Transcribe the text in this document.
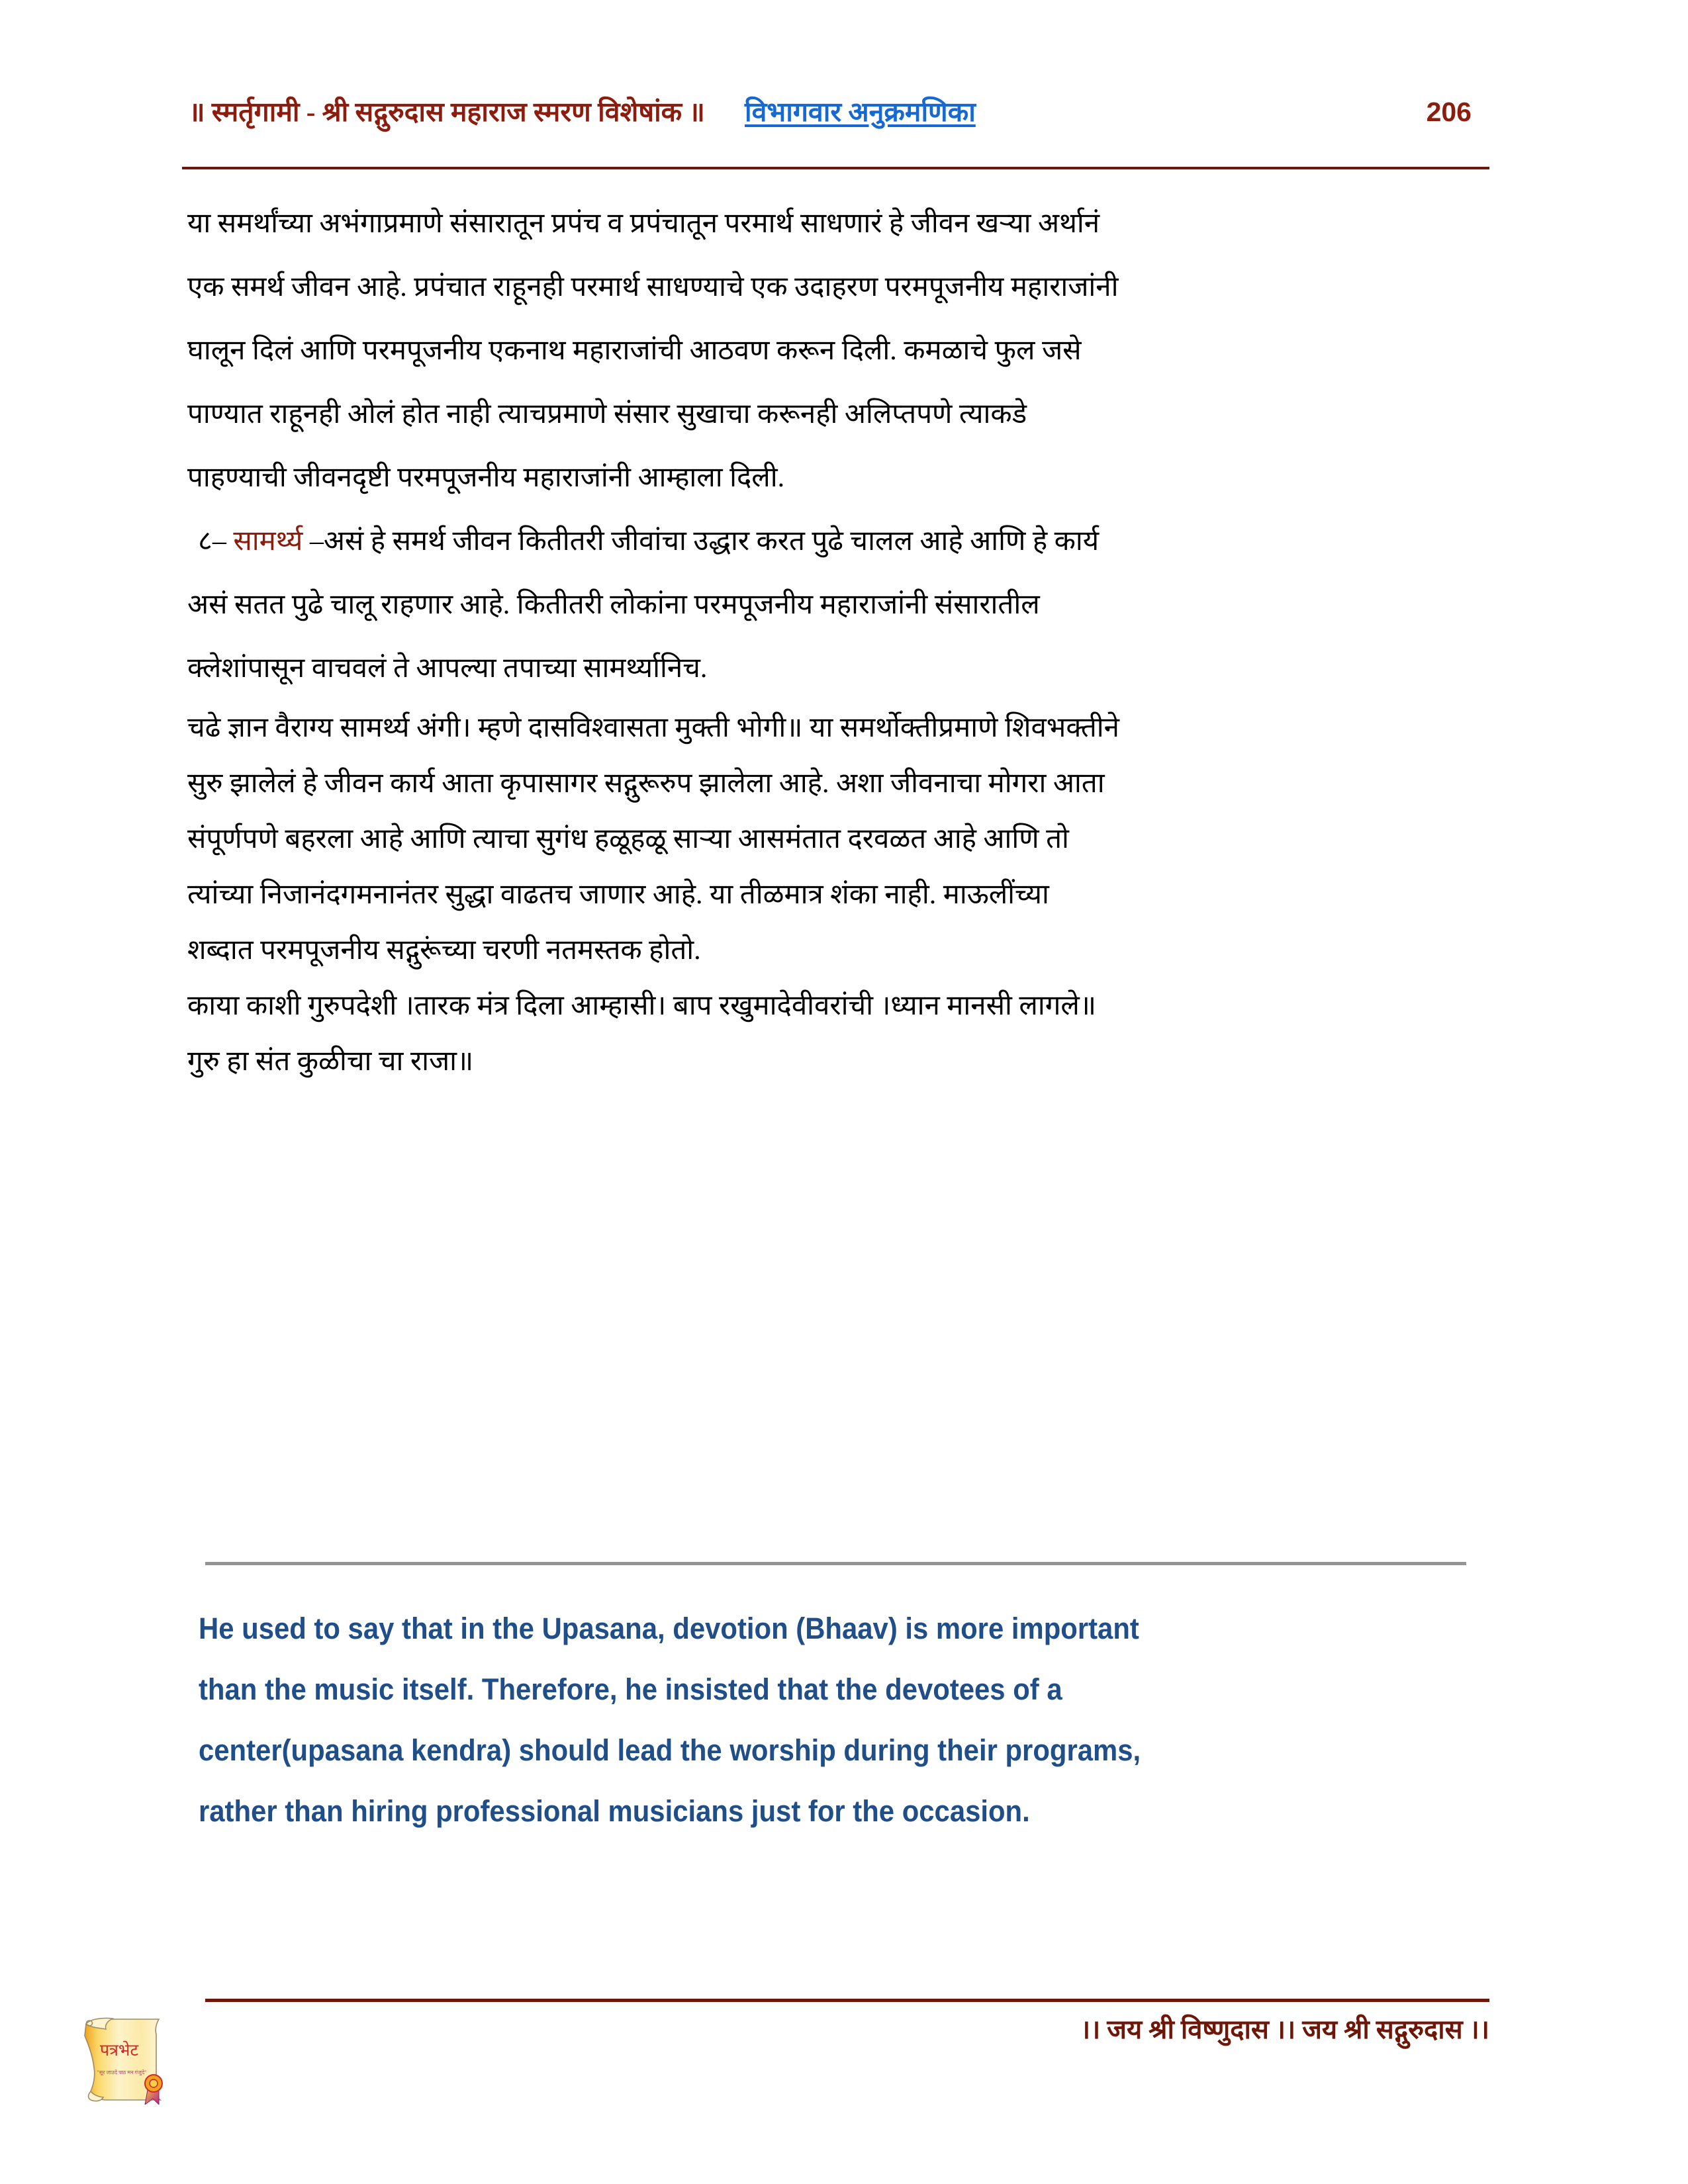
॥ स्मर्तृगामी - श्री सद्गुरुदास महाराज स्मरण विशेषांक ॥ विभागवार अनुक्रमणिका	206
या समर्थांच्या अभंगाप्रमाणे संसारातून प्रपंच व प्रपंचातून परमार्थ साधणारं हे जीवन खऱ्या अर्थानं
एक समर्थ जीवन आहे. प्रपंचात राहूनही परमार्थ साधण्याचे एक उदाहरण परमपूजनीय महाराजांनी
घालून दिलं आणि परमपूजनीय एकनाथ महाराजांची आठवण करून दिली. कमळाचे फुल जसे
पाण्यात राहूनही ओलं होत नाही त्याचप्रमाणे संसार सुखाचा करूनही अलिप्तपणे त्याकडे
पाहण्याची जीवनदृष्टी परमपूजनीय महाराजांनी आम्हाला दिली.
८– सामर्थ्य –असं हे समर्थ जीवन कितीतरी जीवांचा उद्धार करत पुढे चालल आहे आणि हे कार्य
असं सतत पुढे चालू राहणार आहे. कितीतरी लोकांना परमपूजनीय महाराजांनी संसारातील
क्लेशांपासून वाचवलं ते आपल्या तपाच्या सामर्थ्यानिच.
चढे ज्ञान वैराग्य सामर्थ्य अंगी। म्हणे दासविश्वासता मुक्ती भोगी॥ या समर्थोक्तीप्रमाणे शिवभक्तीने
सुरु झालेलं हे जीवन कार्य आता कृपासागर सद्गुरूरुप झालेला आहे. अशा जीवनाचा मोगरा आता
संपूर्णपणे बहरला आहे आणि त्याचा सुगंध हळूहळू साऱ्या आसमंतात दरवळत आहे आणि तो
त्यांच्या निजानंदगमनानंतर सुद्धा वाढतच जाणार आहे. या तीळमात्र शंका नाही. माऊलींच्या
शब्दात परमपूजनीय सद्गुरूंच्या चरणी नतमस्तक होतो.
काया काशी गुरुपदेशी ।तारक मंत्र दिला आम्हासी। बाप रखुमादेवीवरांची ।ध्यान मानसी लागले॥
गुरु हा संत कुळीचा चा राजा॥
He used to say that in the Upasana, devotion (Bhaav) is more important
than the music itself. Therefore, he insisted that the devotees of a
center(upasana kendra) should lead the worship during their programs,
rather than hiring professional musicians just for the occasion.
।। जय श्री विष्णुदास ।। जय श्री सद्गुरुदास ।।
पत्रभेट
"सूर जाउदे पाठ मन गंजुदे"
